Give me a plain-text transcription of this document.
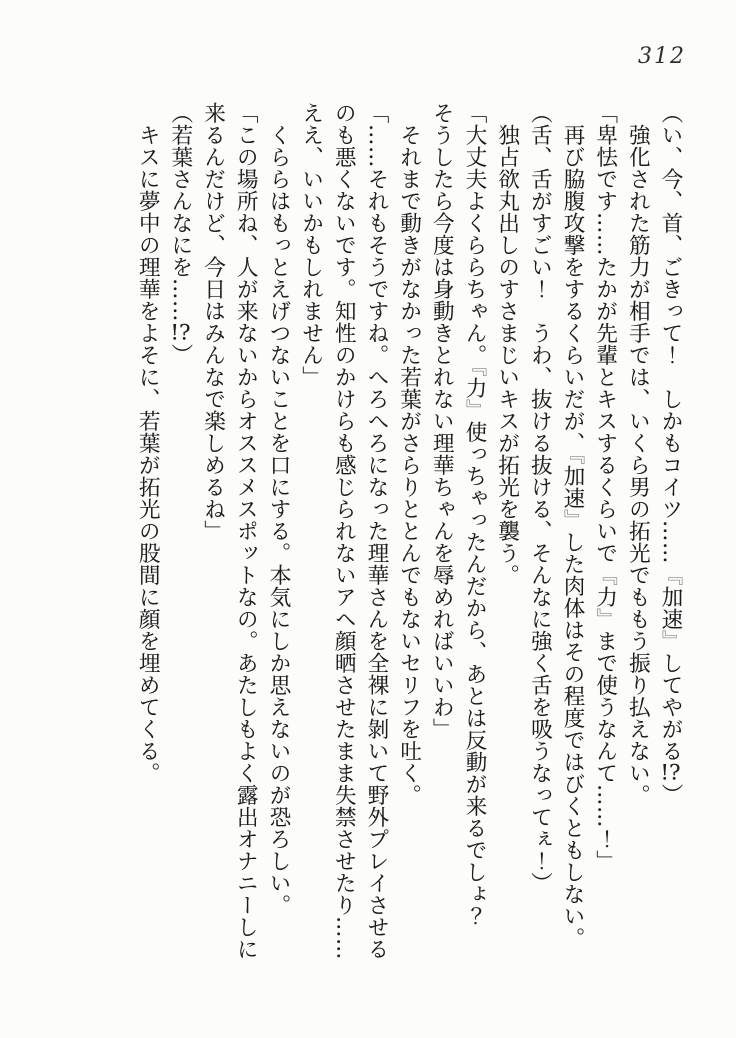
312

（い、今、首、ごきって！　しかもコイツ……『加速』してやがる!?）

強化された筋力が相手では、いくら男の拓光でももう振り払えない。

「卑怯です……たかが先輩とキスするくらいで『力』まで使うなんて……！」

再び脇腹攻撃をするくらいだが、『加速』した肉体はその程度ではびくともしない。

（舌、舌がすごい！　うわ、抜ける抜ける、そんなに強く舌を吸うなってぇ！）

独占欲丸出しのすさまじいキスが拓光を襲う。

「大丈夫よくららちゃん。『力』使っちゃったんだから、あとは反動が来るでしょ？　そうしたら今度は身動きとれない理華ちゃんを辱めればいいわ」

それまで動きがなかった若葉がさらりととんでもないセリフを吐く。

「……それもそうですね。へろへろになった理華さんを全裸に剝いて野外プレイさせるのも悪くないです。知性のかけらも感じられないアヘ顔晒させたまま失禁させたり……ええ、いいかもしれません」

くららはもっとえげつないことを口にする。本気にしか思えないのが恐ろしい。

「この場所ね、人が来ないからオススメスポットなの。あたしもよく露出オナニーしに来るんだけど、今日はみんなで楽しめるね」

（若葉さんなにを……!?）

キスに夢中の理華をよそに、若葉が拓光の股間に顔を埋めてくる。
